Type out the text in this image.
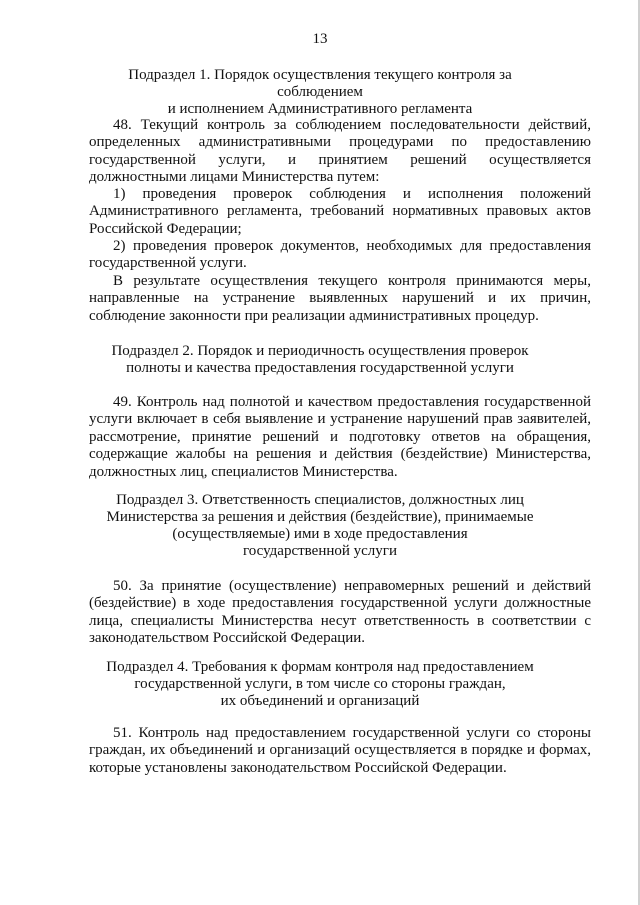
13
Подраздел 1. Порядок осуществления текущего контроля за соблюдением
и исполнением Административного регламента

48. Текущий контроль за соблюдением последовательности действий, определенных административными процедурами по предоставлению государственной услуги, и принятием решений осуществляется должностными лицами Министерства путем:

1) проведения проверок соблюдения и исполнения положений Административного регламента, требований нормативных правовых актов Российской Федерации;

2) проведения проверок документов, необходимых для предоставления государственной услуги.

В результате осуществления текущего контроля принимаются меры, направленные на устранение выявленных нарушений и их причин, соблюдение законности при реализации административных процедур.

Подраздел 2. Порядок и периодичность осуществления проверок
полноты и качества предоставления государственной услуги

49. Контроль над полнотой и качеством предоставления государственной услуги включает в себя выявление и устранение нарушений прав заявителей, рассмотрение, принятие решений и подготовку ответов на обращения, содержащие жалобы на решения и действия (бездействие) Министерства, должностных лиц, специалистов Министерства.

Подраздел 3. Ответственность специалистов, должностных лиц
Министерства за решения и действия (бездействие), принимаемые
(осуществляемые) ими в ходе предоставления
государственной услуги

50. За принятие (осуществление) неправомерных решений и действий (бездействие) в ходе предоставления государственной услуги должностные лица, специалисты Министерства несут ответственность в соответствии с законодательством Российской Федерации.

Подраздел 4. Требования к формам контроля над предоставлением
государственной услуги, в том числе со стороны граждан,
их объединений и организаций

51. Контроль над предоставлением государственной услуги со стороны граждан, их объединений и организаций осуществляется в порядке и формах, которые установлены законодательством Российской Федерации.
